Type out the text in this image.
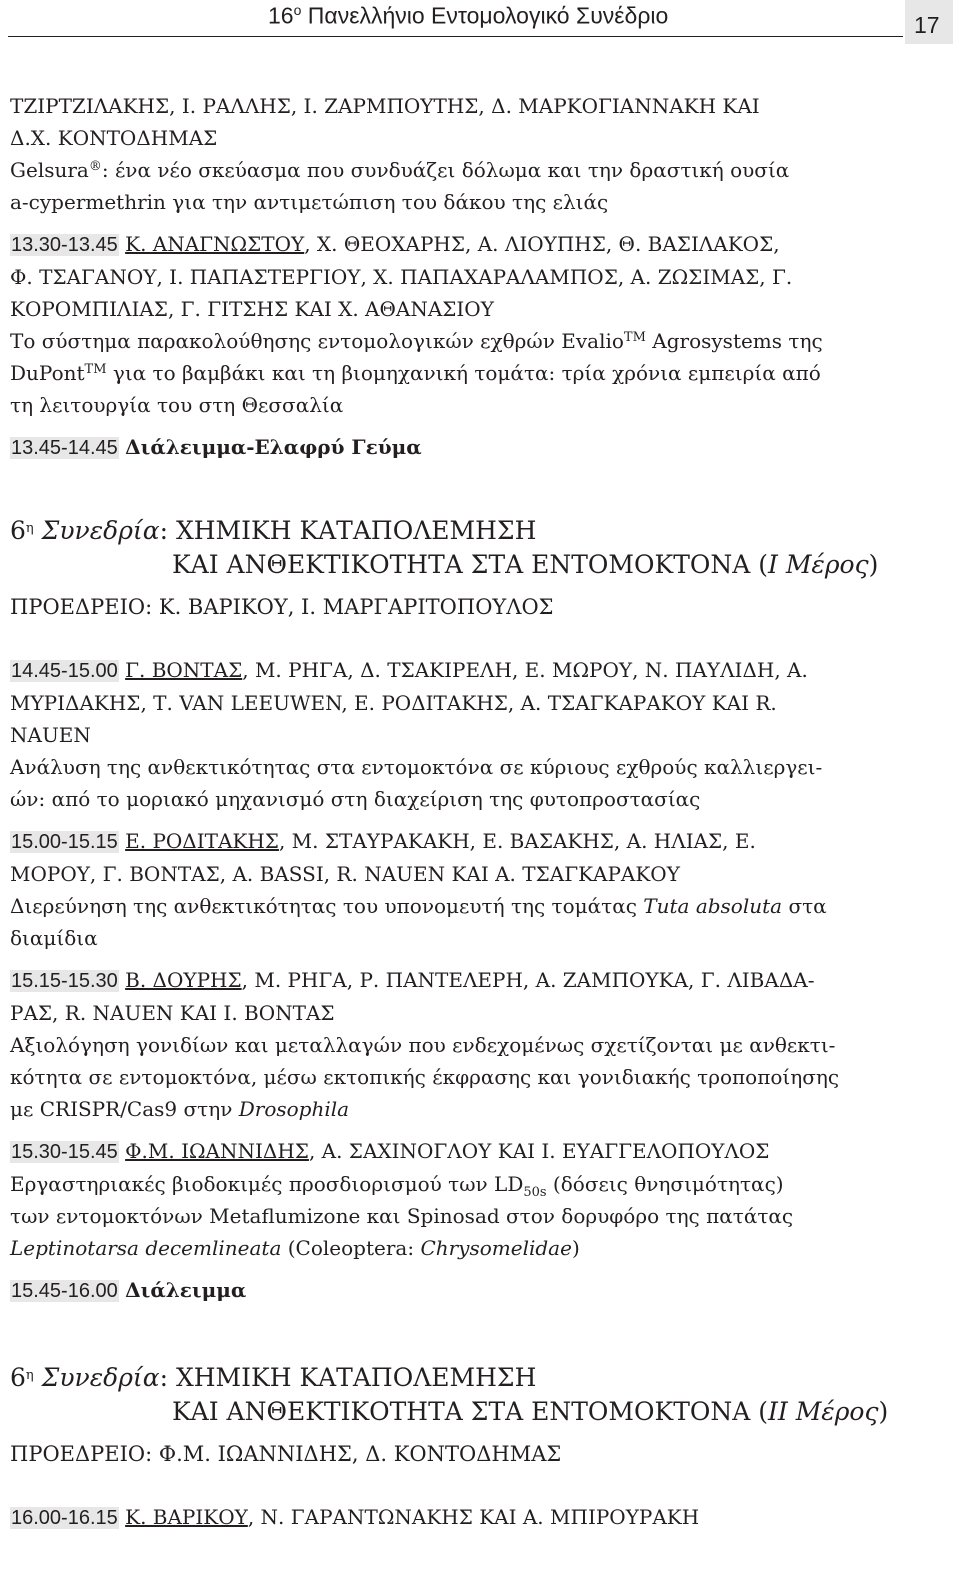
$16^o$ Πανελλήνιο Εντομολογικό Συνέδριο	17
ΤΖΙΡΤΖΙΛΑΚΗΣ, Ι. ΡΑΛΛΗΣ, Ι. ΖΑΡΜΠΟΥΤΗΣ, Δ. ΜΑΡΚΟΓΙΑΝΝΑΚΗ ΚΑΙ
Δ.Χ. ΚΟΝΤΟΔΗΜΑΣ
Gelsura®: ένα νέο σκεύασμα που συνδυάζει δόλωμα και την δραστική ουσία
a-cypermethrin για την αντιμετώπιση του δάκου της ελιάς
13.30-13.45 Κ. ΑΝΑΓΝΩΣΤΟΥ, Χ. ΘΕΟΧΑΡΗΣ, Α. ΛΙΟΥΠΗΣ, Θ. ΒΑΣΙΛΑΚΟΣ,
Φ. ΤΣΑΓΑΝΟΥ, Ι. ΠΑΠΑΣΤΕΡΓΙΟΥ, Χ. ΠΑΠΑΧΑΡΑΛΑΜΠΟΣ, Α. ΖΩΣΙΜΑΣ, Γ.
ΚΟΡΟΜΠΙΛΙΑΣ, Γ. ΓΙΤΣΗΣ ΚΑΙ Χ. ΑΘΑΝΑΣΙΟΥ
Το σύστημα παρακολούθησης εντομολογικών εχθρών Evalio™ Agrosystems της
DuPont™ για το βαμβάκι και τη βιομηχανική τομάτα: τρία χρόνια εμπειρία από
τη λειτουργία του στη Θεσσαλία
13.45-14.45 Διάλειμμα-Ελαφρύ Γεύμα
$6^\eta$ Συνεδρία: ΧΗΜΙΚΗ ΚΑΤΑΠΟΛΕΜΗΣΗ
ΚΑΙ ΑΝΘΕΚΤΙΚΟΤΗΤΑ ΣΤΑ ΕΝΤΟΜΟΚΤΟΝΑ (I Μέρος)
ΠΡΟΕΔΡΕΙΟ: Κ. ΒΑΡΙΚΟΥ, Ι. ΜΑΡΓΑΡΙΤΟΠΟΥΛΟΣ
14.45-15.00 Γ. ΒΟΝΤΑΣ, Μ. ΡΗΓΑ, Δ. ΤΣΑΚΙΡΕΛΗ, Ε. ΜΩΡΟΥ, Ν. ΠΑΥΛΙΔΗ, Α.
ΜΥΡΙΔΑΚΗΣ, Τ. VAN LEEUWEN, Ε. ΡΟΔΙΤΑΚΗΣ, Α. ΤΣΑΓΚΑΡΑΚΟΥ ΚΑΙ R.
NAUEN
Ανάλυση της ανθεκτικότητας στα εντομοκτόνα σε κύριους εχθρούς καλλιεργει-
ών: από το μοριακό μηχανισμό στη διαχείριση της φυτοπροστασίας
15.00-15.15 Ε. ΡΟΔΙΤΑΚΗΣ, Μ. ΣΤΑΥΡΑΚΑΚΗ, Ε. ΒΑΣΑΚΗΣ, Α. ΗΛΙΑΣ, Ε.
ΜΟΡΟΥ, Γ. ΒΟΝΤΑΣ, A. BASSI, R. NAUEN ΚΑΙ Α. ΤΣΑΓΚΑΡΑΚΟΥ
Διερεύνηση της ανθεκτικότητας του υπονομευτή της τομάτας Tuta absoluta στα
διαμίδια
15.15-15.30 Β. ΔΟΥΡΗΣ, Μ. ΡΗΓΑ, Ρ. ΠΑΝΤΕΛΕΡΗ, Α. ΖΑΜΠΟΥΚΑ, Γ. ΛΙΒΑΔΑ-
ΡΑΣ, R. NAUEN ΚΑΙ Ι. ΒΟΝΤΑΣ
Αξιολόγηση γονιδίων και μεταλλαγών που ενδεχομένως σχετίζονται με ανθεκτι-
κότητα σε εντομοκτόνα, μέσω εκτοπικής έκφρασης και γονιδιακής τροποποίησης
με CRISPR/Cas9 στην Drosophila
15.30-15.45 Φ.Μ. ΙΩΑΝΝΙΔΗΣ, Α. ΣΑΧΙΝΟΓΛΟΥ ΚΑΙ Ι. ΕΥΑΓΓΕΛΟΠΟΥΛΟΣ
Εργαστηριακές βιοδοκιμές προσδιορισμού των $LD_{50s}$ (δόσεις θνησιμότητας)
των εντομοκτόνων Metaflumizone και Spinosad στον δορυφόρο της πατάτας
Leptinotarsa decemlineata (Coleoptera: Chrysomelidae)
15.45-16.00 Διάλειμμα
$6^\eta$ Συνεδρία: ΧΗΜΙΚΗ ΚΑΤΑΠΟΛΕΜΗΣΗ
ΚΑΙ ΑΝΘΕΚΤΙΚΟΤΗΤΑ ΣΤΑ ΕΝΤΟΜΟΚΤΟΝΑ (II Μέρος)
ΠΡΟΕΔΡΕΙΟ: Φ.Μ. ΙΩΑΝΝΙΔΗΣ, Δ. ΚΟΝΤΟΔΗΜΑΣ
16.00-16.15 Κ. ΒΑΡΙΚΟΥ, Ν. ΓΑΡΑΝΤΩΝΑΚΗΣ ΚΑΙ Α. ΜΠΙΡΟΥΡΑΚΗ
